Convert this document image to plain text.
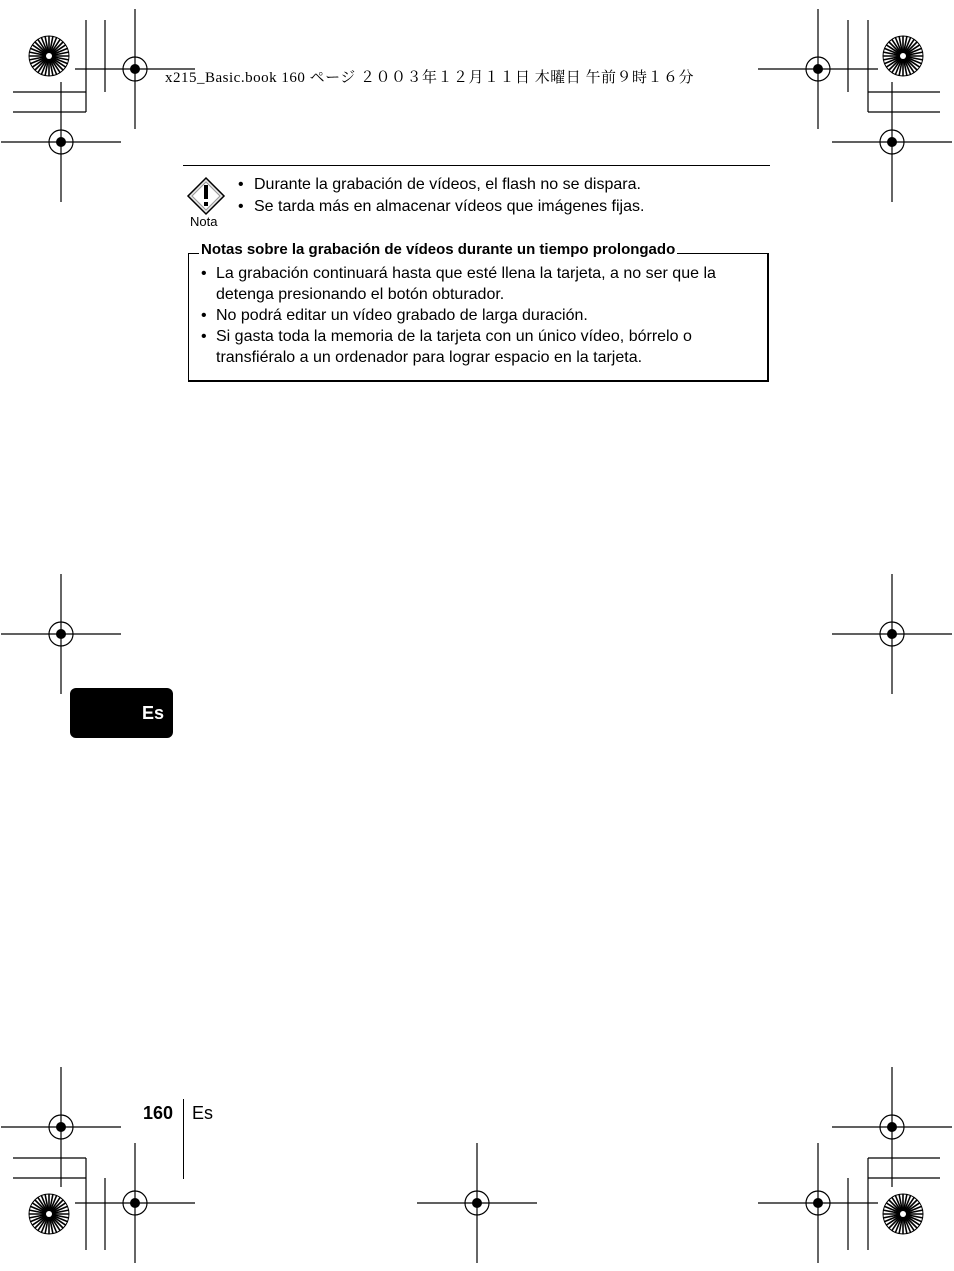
x215_Basic.book 160 ページ ２００３年１２月１１日 木曜日 午前９時１６分
Nota
• Durante la grabación de vídeos, el flash no se dispara.
• Se tarda más en almacenar vídeos que imágenes fijas.
Notas sobre la grabación de vídeos durante un tiempo prolongado
• La grabación continuará hasta que esté llena la tarjeta, a no ser que la detenga presionando el botón obturador.
• No podrá editar un vídeo grabado de larga duración.
• Si gasta toda la memoria de la tarjeta con un único vídeo, bórrelo o transfiéralo a un ordenador para lograr espacio en la tarjeta.
Es
160 Es
